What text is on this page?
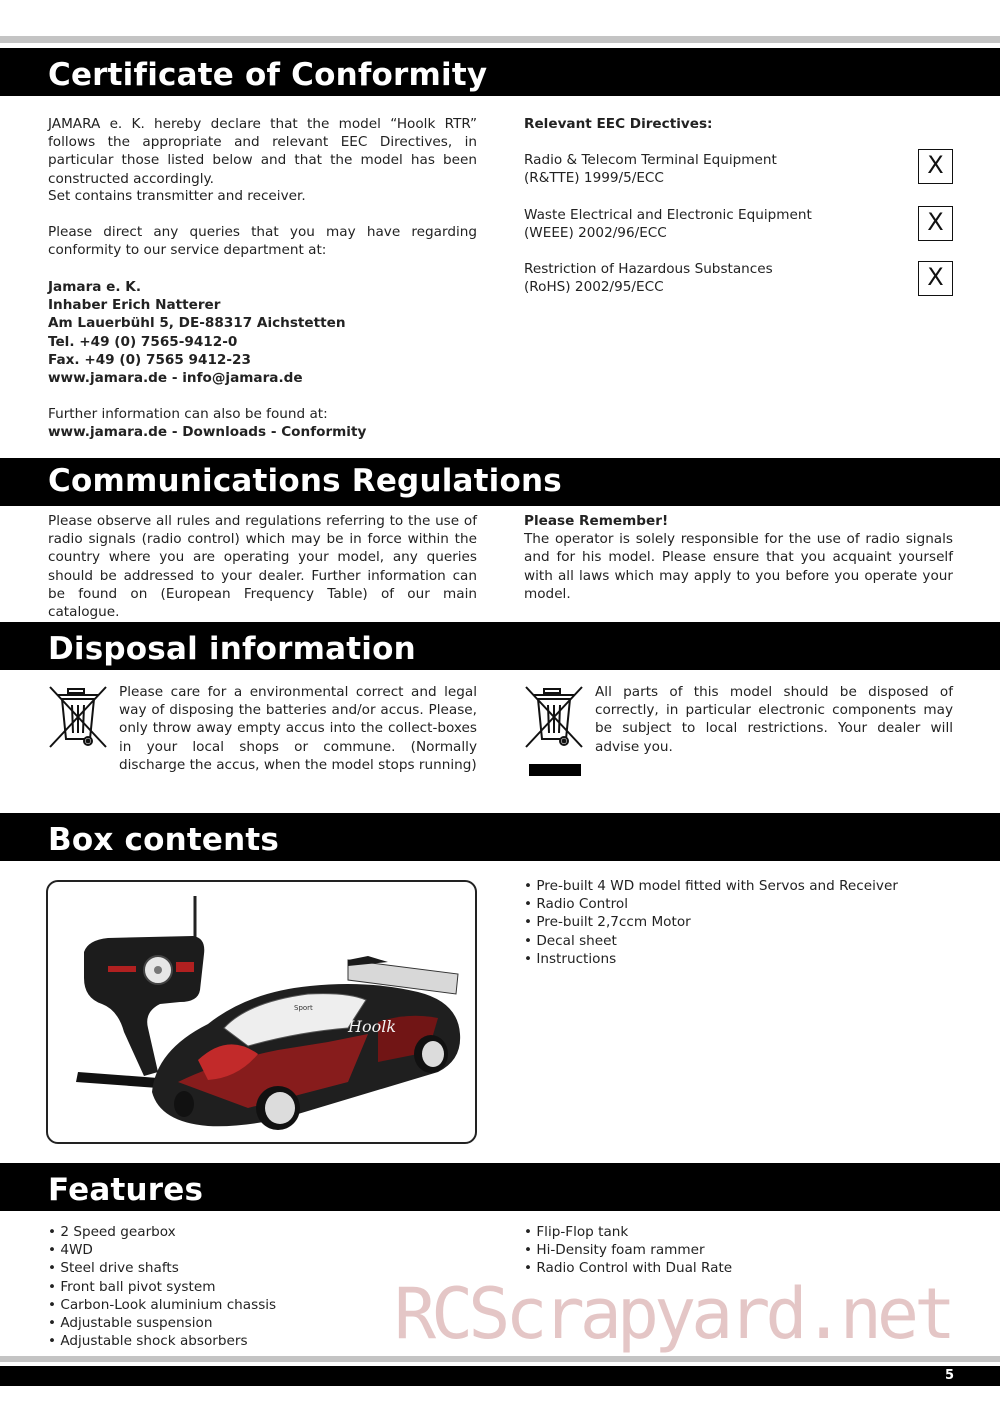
Certificate of Conformity
JAMARA e. K. hereby declare that the model “Hoolk RTR” follows the appropriate and relevant EEC Directives, in particular those listed below and that the model has been constructed accordingly.
Set contains transmitter and receiver.
Please direct any queries that you may have regarding conformity to our service department at:
Jamara e. K.
Inhaber Erich Natterer
Am Lauerbühl 5, DE-88317 Aichstetten
Tel. +49 (0) 7565-9412-0
Fax. +49 (0) 7565 9412-23
www.jamara.de - info@jamara.de
Further information can also be found at:
www.jamara.de - Downloads - Conformity
Relevant EEC Directives:
Radio & Telecom Terminal Equipment
(R&TTE) 1999/5/ECC	X
Waste Electrical and Electronic Equipment
(WEEE) 2002/96/ECC	X
Restriction of Hazardous Substances
(RoHS) 2002/95/ECC	X
Communications Regulations
Please observe all rules and regulations referring to the use of radio signals (radio control) which may be in force within the country where you are operating your model, any queries should be addressed to your dealer. Further information can be found on (European Frequency Table) of our main catalogue.
Please Remember!
The operator is solely responsible for the use of radio signals and for his model. Please ensure that you acquaint yourself with all laws which may apply to you before you operate your model.
Disposal information
Please care for a environmental correct and legal way of disposing the batteries and/or accus. Please, only throw away empty accus into the collect-boxes in your local shops or commune. (Normally discharge the accus, when the model stops running)
All parts of this model should be disposed of correctly, in particular electronic components may be subject to local restrictions. Your dealer will advise you.
Box contents
Hoolk
Sport
• Pre-built 4 WD model fitted with Servos and Receiver
• Radio Control
• Pre-built 2,7ccm Motor
• Decal sheet
• Instructions
Features
• 2 Speed gearbox
• 4WD
• Steel drive shafts
• Front ball pivot system
• Carbon-Look aluminium chassis
• Adjustable suspension
• Adjustable shock absorbers
• Flip-Flop tank
• Hi-Density foam rammer
• Radio Control with Dual Rate
RCScrapyard.net
5
